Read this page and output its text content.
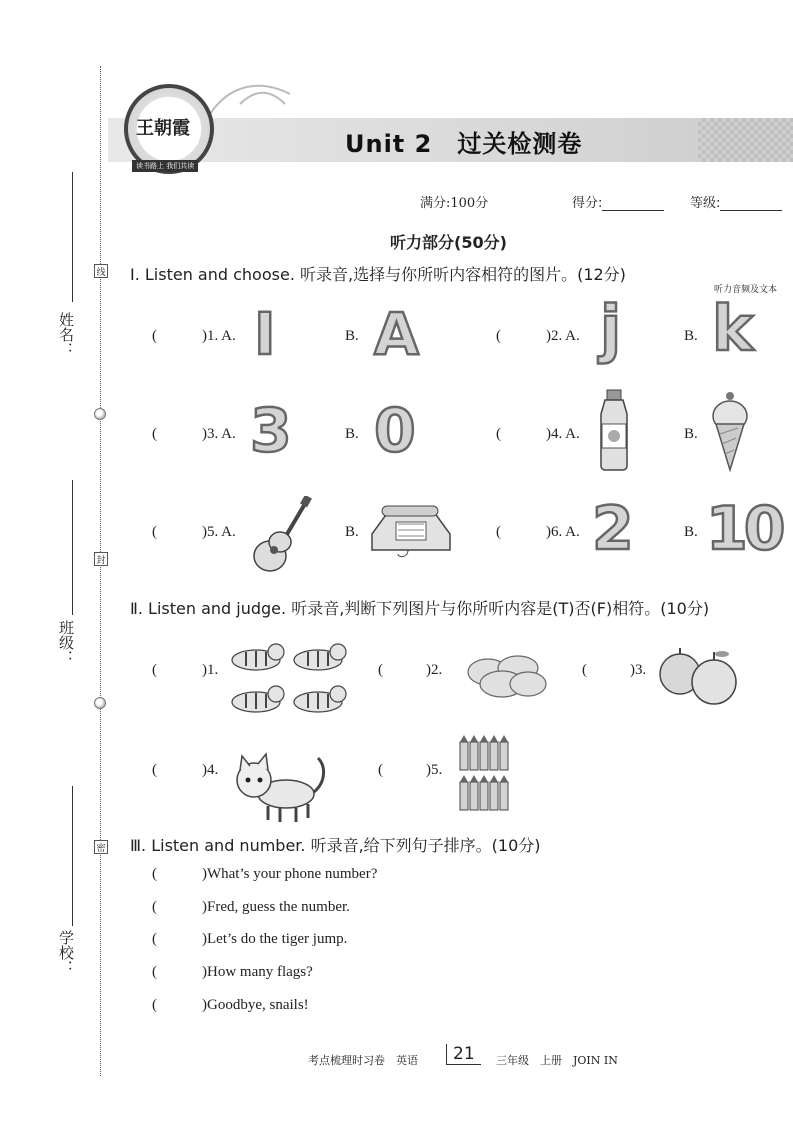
姓名：
班级：
学校：
线
封
密
王朝霞
读书路上 我们共读
Unit 2　过关检测卷
满分:100分	得分:	等级:
听力部分(50分)
Ⅰ. Listen and choose. 听录音,选择与你所听内容相符的图片。(12分)
听力音频及文本
( )1. A. I	B. A	( )2. A. j	B. k
( )3. A. 3	B. 0	( )4. A.	B.
( )5. A.	B.	( )6. A. 2	B. 10
Ⅱ. Listen and judge. 听录音,判断下列图片与你所听内容是(T)否(F)相符。(10分)
( )1.	( )2.	( )3.
( )4.	( )5.
Ⅲ. Listen and number. 听录音,给下列句子排序。(10分)
( )What’s your phone number?
( )Fred, guess the number.
( )Let’s do the tiger jump.
( )How many flags?
( )Goodbye, snails!
考点梳理时习卷　英语	21	三年级　上册　JOIN IN
